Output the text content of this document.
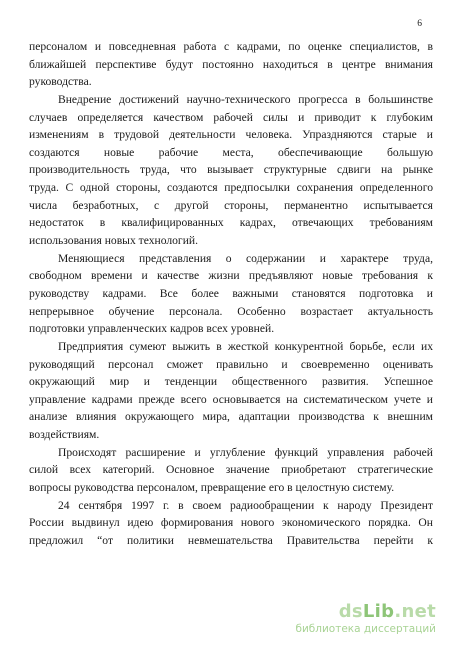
6
персоналом и повседневная работа с кадрами, по оценке специалистов, в
ближайшей перспективе будут постоянно находиться в центре внимания
руководства.
Внедрение достижений научно-технического прогресса в большинстве
случаев определяется качеством рабочей силы и приводит к глубоким
изменениям в трудовой деятельности человека. Упраздняются старые и
создаются новые рабочие места, обеспечивающие большую
производительность труда, что вызывает структурные сдвиги на рынке
труда. С одной стороны, создаются предпосылки сохранения определенного
числа безработных, с другой стороны, перманентно испытывается
недостаток в квалифицированных кадрах, отвечающих требованиям
использования новых технологий.
Меняющиеся представления о содержании и характере труда,
свободном времени и качестве жизни предъявляют новые требования к
руководству кадрами. Все более важными становятся подготовка и
непрерывное обучение персонала. Особенно возрастает актуальность
подготовки управленческих кадров всех уровней.
Предприятия сумеют выжить в жесткой конкурентной борьбе, если их
руководящий персонал сможет правильно и своевременно оценивать
окружающий мир и тенденции общественного развития. Успешное
управление кадрами прежде всего основывается на систематическом учете и
анализе влияния окружающего мира, адаптации производства к внешним
воздействиям.
Происходят расширение и углубление функций управления рабочей
силой всех категорий. Основное значение приобретают стратегические
вопросы руководства персоналом, превращение его в целостную систему.
24 сентября 1997 г. в своем радиообращении к народу Президент
России выдвинул идею формирования нового экономического порядка. Он
предложил “от политики невмешательства Правительства перейти к
dsLib.net
библиотека диссертаций
